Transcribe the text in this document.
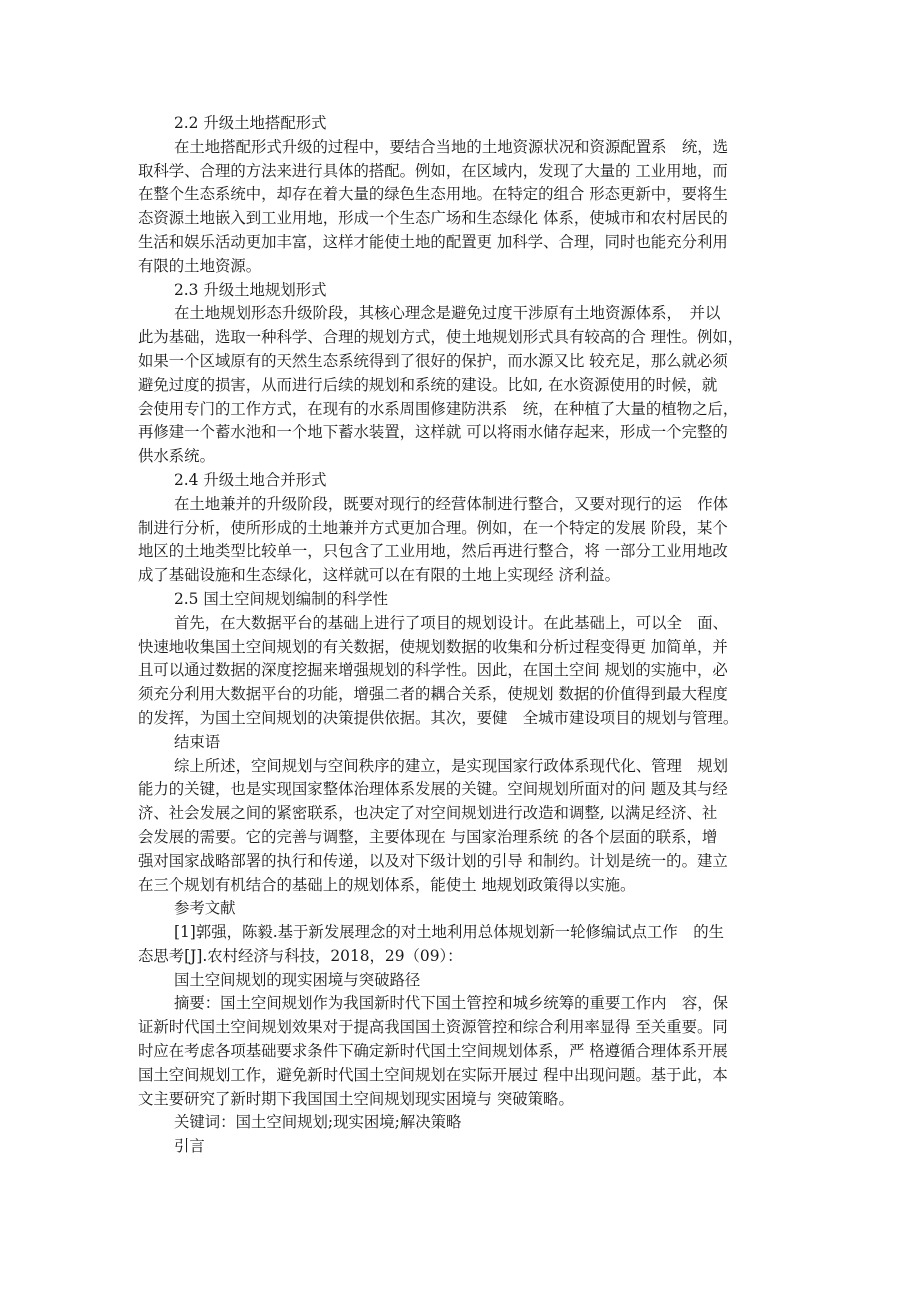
2.2 升级土地搭配形式
在土地搭配形式升级的过程中，要结合当地的土地资源状况和资源配置系　统，选
取科学、合理的方法来进行具体的搭配。例如，在区域内，发现了大量的 工业用地，而
在整个生态系统中，却存在着大量的绿色生态用地。在特定的组合 形态更新中，要将生
态资源土地嵌入到工业用地，形成一个生态广场和生态绿化 体系，使城市和农村居民的
生活和娱乐活动更加丰富，这样才能使土地的配置更 加科学、合理，同时也能充分利用
有限的土地资源。
2.3 升级土地规划形式
在土地规划形态升级阶段，其核心理念是避免过度干涉原有土地资源体系，　并以
此为基础，选取一种科学、合理的规划方式，使土地规划形式具有较高的合 理性。例如，
如果一个区域原有的天然生态系统得到了很好的保护，而水源又比 较充足，那么就必须
避免过度的损害，从而进行后续的规划和系统的建设。比如, 在水资源使用的时候，就
会使用专门的工作方式，在现有的水系周围修建防洪系　统，在种植了大量的植物之后，
再修建一个蓄水池和一个地下蓄水装置，这样就 可以将雨水储存起来，形成一个完整的
供水系统。
2.4 升级土地合并形式
在土地兼并的升级阶段，既要对现行的经营体制进行整合，又要对现行的运　作体
制进行分析，使所形成的土地兼并方式更加合理。例如，在一个特定的发展 阶段，某个
地区的土地类型比较单一，只包含了工业用地，然后再进行整合，将 一部分工业用地改
成了基础设施和生态绿化，这样就可以在有限的土地上实现经 济利益。
2.5 国土空间规划编制的科学性
首先，在大数据平台的基础上进行了项目的规划设计。在此基础上，可以全　面、
快速地收集国土空间规划的有关数据，使规划数据的收集和分析过程变得更 加简单，并
且可以通过数据的深度挖掘来增强规划的科学性。因此，在国土空间 规划的实施中，必
须充分利用大数据平台的功能，增强二者的耦合关系，使规划 数据的价值得到最大程度
的发挥，为国土空间规划的决策提供依据。其次，要健　全城市建设项目的规划与管理。
结束语
综上所述，空间规划与空间秩序的建立，是实现国家行政体系现代化、管理　规划
能力的关键，也是实现国家整体治理体系发展的关键。空间规划所面对的问 题及其与经
济、社会发展之间的紧密联系，也决定了对空间规划进行改造和调整, 以满足经济、社
会发展的需要。它的完善与调整，主要体现在 与国家治理系统 的各个层面的联系，增
强对国家战略部署的执行和传递，以及对下级计划的引导 和制约。计划是统一的。建立
在三个规划有机结合的基础上的规划体系，能使土 地规划政策得以实施。
参考文献
[1]郭强，陈毅.基于新发展理念的对土地利用总体规划新一轮修编试点工作　的生
态思考[J].农村经济与科技，2018，29（09）：
国土空间规划的现实困境与突破路径
摘要：国土空间规划作为我国新时代下国土管控和城乡统筹的重要工作内　容，保
证新时代国土空间规划效果对于提高我国国土资源管控和综合利用率显得 至关重要。同
时应在考虑各项基础要求条件下确定新时代国土空间规划体系，严 格遵循合理体系开展
国土空间规划工作，避免新时代国土空间规划在实际开展过 程中出现问题。基于此，本
文主要研究了新时期下我国国土空间规划现实困境与 突破策略。
关键词：国土空间规划;现实困境;解决策略
引言
